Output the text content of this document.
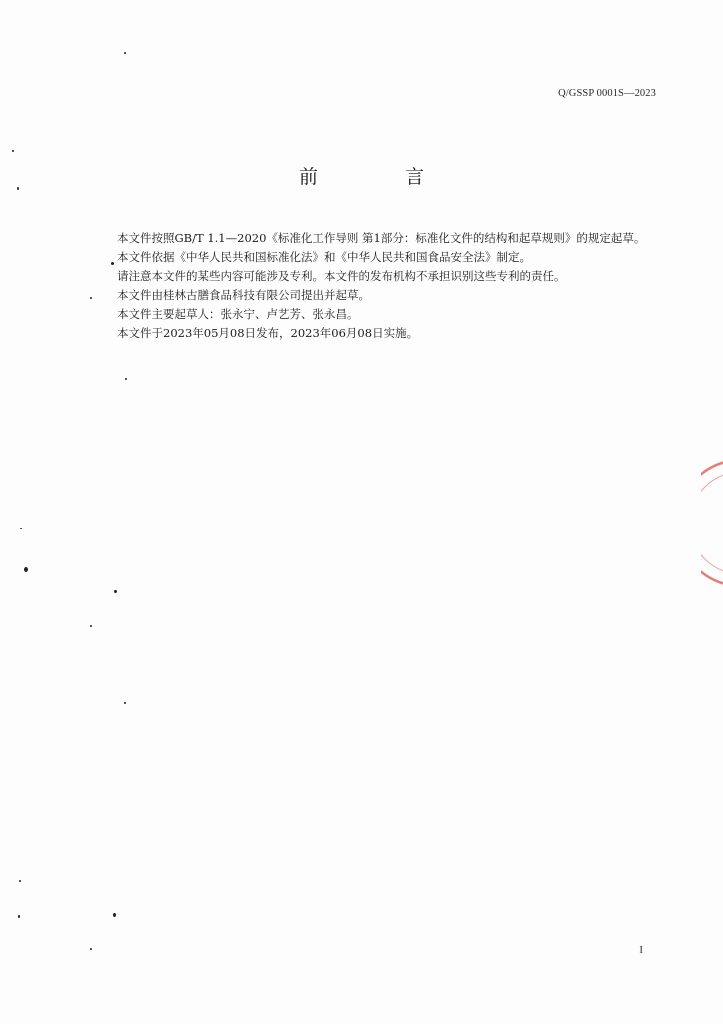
Q/GSSP 0001S—2023
前　言

本文件按照GB/T 1.1—2020《标准化工作导则 第1部分：标准化文件的结构和起草规则》的规定起草。

本文件依据《中华人民共和国标准化法》和《中华人民共和国食品安全法》制定。

请注意本文件的某些内容可能涉及专利。本文件的发布机构不承担识别这些专利的责任。

本文件由桂林古膳食品科技有限公司提出并起草。

本文件主要起草人：张永宁、卢艺芳、张永昌。

本文件于2023年05月08日发布，2023年06月08日实施。

I
